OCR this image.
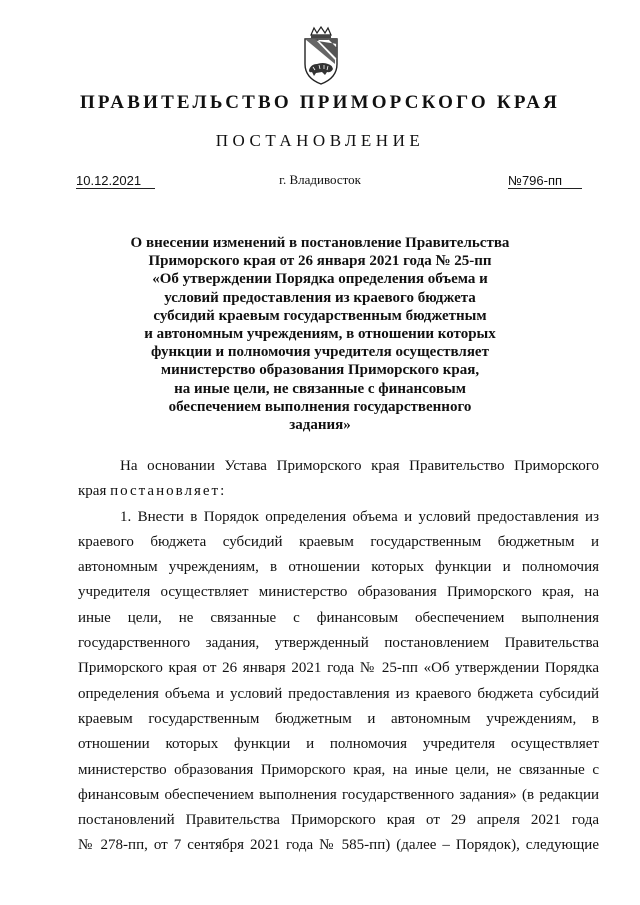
ПРАВИТЕЛЬСТВО ПРИМОРСКОГО КРАЯ
ПОСТАНОВЛЕНИЕ
10.12.2021	г. Владивосток	№796-пп
О внесении изменений в постановление Правительства
Приморского края от 26 января 2021 года № 25-пп
«Об утверждении Порядка определения объема и
условий предоставления из краевого бюджета
субсидий краевым государственным бюджетным
и автономным учреждениям, в отношении которых
функции и полномочия учредителя осуществляет
министерство образования Приморского края,
на иные цели, не связанные с финансовым
обеспечением выполнения государственного
задания»
На основании Устава Приморского края Правительство Приморского
края постановляет:
1. Внести в Порядок определения объема и условий предоставления из
краевого бюджета субсидий краевым государственным бюджетным и
автономным учреждениям, в отношении которых функции и полномочия
учредителя осуществляет министерство образования Приморского края, на
иные цели, не связанные с финансовым обеспечением выполнения
государственного задания, утвержденный постановлением Правительства
Приморского края от 26 января 2021 года № 25-пп «Об утверждении Порядка
определения объема и условий предоставления из краевого бюджета субсидий
краевым государственным бюджетным и автономным учреждениям, в
отношении которых функции и полномочия учредителя осуществляет
министерство образования Приморского края, на иные цели, не связанные с
финансовым обеспечением выполнения государственного задания» (в редакции
постановлений Правительства Приморского края от 29 апреля 2021 года
№ 278-пп, от 7 сентября 2021 года № 585-пп) (далее – Порядок), следующие
